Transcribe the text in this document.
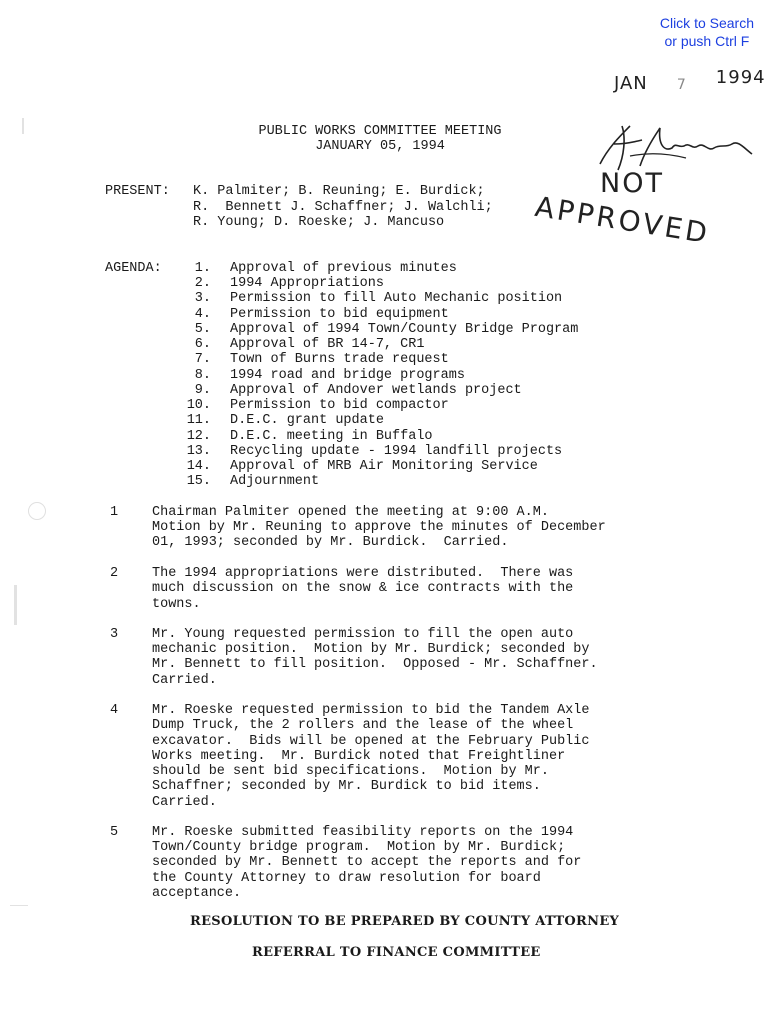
Click to Search
or push Ctrl F
JAN 7 1994
NOT
APPROVED
PUBLIC WORKS COMMITTEE MEETING
JANUARY 05, 1994
PRESENT: K. Palmiter; B. Reuning; E. Burdick;
R.  Bennett J. Schaffner; J. Walchli;
R. Young; D. Roeske; J. Mancuso
AGENDA:	1. Approval of previous minutes
2. 1994 Appropriations
3. Permission to fill Auto Mechanic position
4. Permission to bid equipment
5. Approval of 1994 Town/County Bridge Program
6. Approval of BR 14-7, CR1
7. Town of Burns trade request
8. 1994 road and bridge programs
9. Approval of Andover wetlands project
10. Permission to bid compactor
11. D.E.C. grant update
12. D.E.C. meeting in Buffalo
13. Recycling update - 1994 landfill projects
14. Approval of MRB Air Monitoring Service
15. Adjournment
1	Chairman Palmiter opened the meeting at 9:00 A.M.
Motion by Mr. Reuning to approve the minutes of December
01, 1993; seconded by Mr. Burdick.  Carried.
2	The 1994 appropriations were distributed.  There was
much discussion on the snow & ice contracts with the
towns.
3	Mr. Young requested permission to fill the open auto
mechanic position.  Motion by Mr. Burdick; seconded by
Mr. Bennett to fill position.  Opposed - Mr. Schaffner.
Carried.
4	Mr. Roeske requested permission to bid the Tandem Axle
Dump Truck, the 2 rollers and the lease of the wheel
excavator.  Bids will be opened at the February Public
Works meeting.  Mr. Burdick noted that Freightliner
should be sent bid specifications.  Motion by Mr.
Schaffner; seconded by Mr. Burdick to bid items.
Carried.
5	Mr. Roeske submitted feasibility reports on the 1994
Town/County bridge program.  Motion by Mr. Burdick;
seconded by Mr. Bennett to accept the reports and for
the County Attorney to draw resolution for board
acceptance.
RESOLUTION TO BE PREPARED BY COUNTY ATTORNEY
REFERRAL TO FINANCE COMMITTEE
